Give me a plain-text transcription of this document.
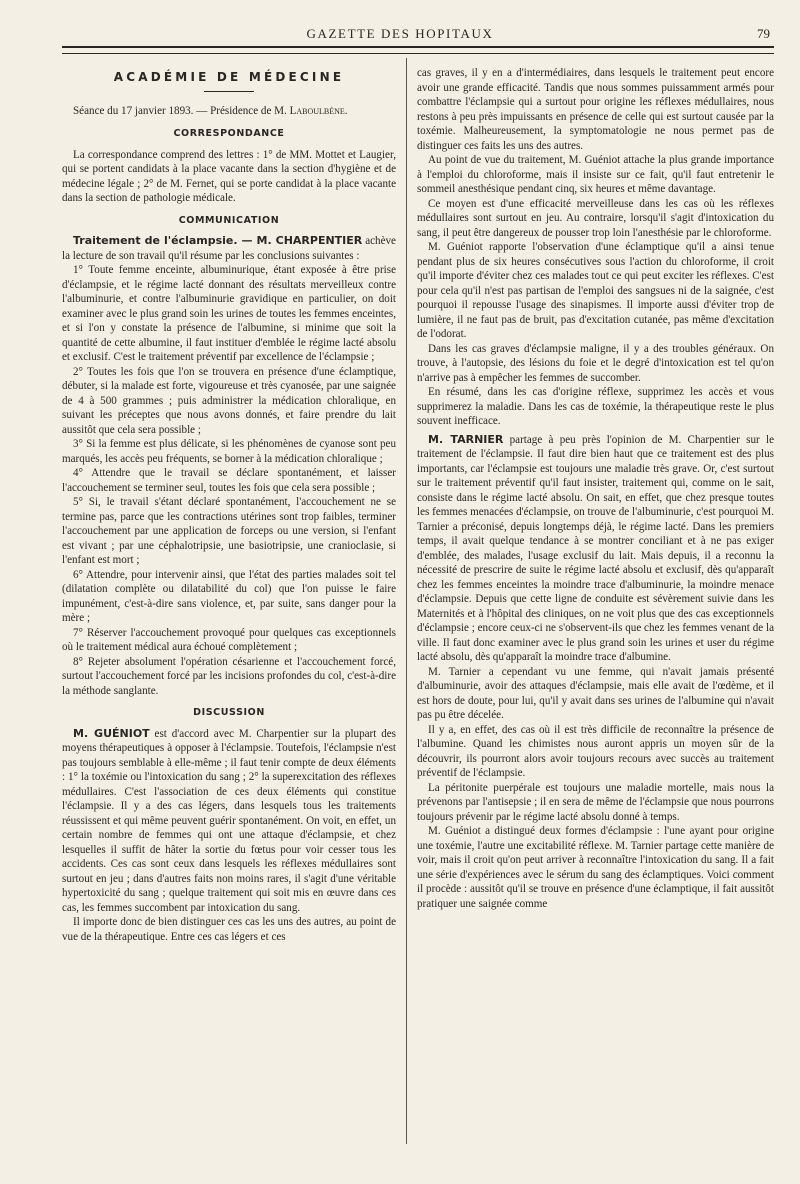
GAZETTE DES HOPITAUX	79
ACADÉMIE DE MÉDECINE

Séance du 17 janvier 1893. — Présidence de M. Laboulbène.

CORRESPONDANCE

La correspondance comprend des lettres : 1° de MM. Mottet et Laugier, qui se portent candidats à la place vacante dans la section d'hygiène et de médecine légale ; 2° de M. Fernet, qui se porte candidat à la place vacante dans la section de pathologie médicale.

COMMUNICATION

Traitement de l'éclampsie. — M. CHARPENTIER achève la lecture de son travail qu'il résume par les conclusions suivantes :

1° Toute femme enceinte, albuminurique, étant exposée à être prise d'éclampsie, et le régime lacté donnant des résultats merveilleux contre l'albuminurie, et contre l'albuminurie gravidique en particulier, on doit examiner avec le plus grand soin les urines de toutes les femmes enceintes, et si l'on y constate la présence de l'albumine, si minime que soit la quantité de cette albumine, il faut instituer d'emblée le régime lacté absolu et exclusif. C'est le traitement préventif par excellence de l'éclampsie ;

2° Toutes les fois que l'on se trouvera en présence d'une éclamptique, débuter, si la malade est forte, vigoureuse et très cyanosée, par une saignée de 4 à 500 grammes ; puis administrer la médication chloralique, en suivant les préceptes que nous avons donnés, et faire prendre du lait aussitôt que cela sera possible ;

3° Si la femme est plus délicate, si les phénomènes de cyanose sont peu marqués, les accès peu fréquents, se borner à la médication chloralique ;

4° Attendre que le travail se déclare spontanément, et laisser l'accouchement se terminer seul, toutes les fois que cela sera possible ;

5° Si, le travail s'étant déclaré spontanément, l'accouchement ne se termine pas, parce que les contractions utérines sont trop faibles, terminer l'accouchement par une application de forceps ou une version, si l'enfant est vivant ; par une céphalotripsie, une basiotripsie, une cranioclasie, si l'enfant est mort ;

6° Attendre, pour intervenir ainsi, que l'état des parties malades soit tel (dilatation complète ou dilatabilité du col) que l'on puisse le faire impunément, c'est-à-dire sans violence, et, par suite, sans danger pour la mère ;

7° Réserver l'accouchement provoqué pour quelques cas exceptionnels où le traitement médical aura échoué complètement ;

8° Rejeter absolument l'opération césarienne et l'accouchement forcé, surtout l'accouchement forcé par les incisions profondes du col, c'est-à-dire la méthode sanglante.

DISCUSSION

M. GUÉNIOT est d'accord avec M. Charpentier sur la plupart des moyens thérapeutiques à opposer à l'éclampsie. Toutefois, l'éclampsie n'est pas toujours semblable à elle-même ; il faut tenir compte de deux éléments : 1° la toxémie ou l'intoxication du sang ; 2° la superexcitation des réflexes médullaires. C'est l'association de ces deux éléments qui constitue l'éclampsie. Il y a des cas légers, dans lesquels tous les traitements réussissent et qui même peuvent guérir spontanément. On voit, en effet, un certain nombre de femmes qui ont une attaque d'éclampsie, et chez lesquelles il suffit de hâter la sortie du fœtus pour voir cesser tous les accidents. Ces cas sont ceux dans lesquels les réflexes médullaires sont surtout en jeu ; dans d'autres faits non moins rares, il s'agit d'une véritable hypertoxicité du sang ; quelque traitement qui soit mis en œuvre dans ces cas, les femmes succombent par intoxication du sang.

Il importe donc de bien distinguer ces cas les uns des autres, au point de vue de la thérapeutique. Entre ces cas légers et ces

cas graves, il y en a d'intermédiaires, dans lesquels le traitement peut encore avoir une grande efficacité. Tandis que nous sommes puissamment armés pour combattre l'éclampsie qui a surtout pour origine les réflexes médullaires, nous restons à peu près impuissants en présence de celle qui est surtout causée par la toxémie. Malheureusement, la symptomatologie ne nous permet pas de distinguer ces faits les uns des autres.

Au point de vue du traitement, M. Guéniot attache la plus grande importance à l'emploi du chloroforme, mais il insiste sur ce fait, qu'il faut entretenir le sommeil anesthésique pendant cinq, six heures et même davantage.

Ce moyen est d'une efficacité merveilleuse dans les cas où les réflexes médullaires sont surtout en jeu. Au contraire, lorsqu'il s'agit d'intoxication du sang, il peut être dangereux de pousser trop loin l'anesthésie par le chloroforme.

M. Guéniot rapporte l'observation d'une éclamptique qu'il a ainsi tenue pendant plus de six heures consécutives sous l'action du chloroforme, il croit qu'il importe d'éviter chez ces malades tout ce qui peut exciter les réflexes. C'est pour cela qu'il n'est pas partisan de l'emploi des sangsues ni de la saignée, c'est pourquoi il repousse l'usage des sinapismes. Il importe aussi d'éviter trop de lumière, il ne faut pas de bruit, pas d'excitation cutanée, pas même d'excitation de l'odorat.

Dans les cas graves d'éclampsie maligne, il y a des troubles généraux. On trouve, à l'autopsie, des lésions du foie et le degré d'intoxication est tel qu'on n'arrive pas à empêcher les femmes de succomber.

En résumé, dans les cas d'origine réflexe, supprimez les accès et vous supprimerez la maladie. Dans les cas de toxémie, la thérapeutique reste le plus souvent inefficace.

M. TARNIER partage à peu près l'opinion de M. Charpentier sur le traitement de l'éclampsie. Il faut dire bien haut que ce traitement est des plus importants, car l'éclampsie est toujours une maladie très grave. Or, c'est surtout sur le traitement préventif qu'il faut insister, traitement qui, comme on le sait, consiste dans le régime lacté absolu. On sait, en effet, que chez presque toutes les femmes menacées d'éclampsie, on trouve de l'albuminurie, c'est pourquoi M. Tarnier a préconisé, depuis longtemps déjà, le régime lacté. Dans les premiers temps, il avait quelque tendance à se montrer conciliant et à ne pas exiger d'emblée, des malades, l'usage exclusif du lait. Mais depuis, il a reconnu la nécessité de prescrire de suite le régime lacté absolu et exclusif, dès qu'apparaît chez les femmes enceintes la moindre trace d'albuminurie, la moindre menace d'éclampsie. Depuis que cette ligne de conduite est sévèrement suivie dans les Maternités et à l'hôpital des cliniques, on ne voit plus que des cas exceptionnels d'éclampsie ; encore ceux-ci ne s'observent-ils que chez les femmes venant de la ville. Il faut donc examiner avec le plus grand soin les urines et user du régime lacté absolu, dès qu'apparaît la moindre trace d'albumine.

M. Tarnier a cependant vu une femme, qui n'avait jamais présenté d'albuminurie, avoir des attaques d'éclampsie, mais elle avait de l'œdème, et il est hors de doute, pour lui, qu'il y avait dans ses urines de l'albumine qui n'avait pas pu être décelée.

Il y a, en effet, des cas où il est très difficile de reconnaître la présence de l'albumine. Quand les chimistes nous auront appris un moyen sûr de la découvrir, ils pourront alors avoir toujours recours avec succès au traitement préventif de l'éclampsie.

La péritonite puerpérale est toujours une maladie mortelle, mais nous la prévenons par l'antisepsie ; il en sera de même de l'éclampsie que nous pourrons toujours prévenir par le régime lacté absolu donné à temps.

M. Guéniot a distingué deux formes d'éclampsie : l'une ayant pour origine une toxémie, l'autre une excitabilité réflexe. M. Tarnier partage cette manière de voir, mais il croit qu'on peut arriver à reconnaître l'intoxication du sang. Il a fait une série d'expériences avec le sérum du sang des éclamptiques. Voici comment il procède : aussitôt qu'il se trouve en présence d'une éclamptique, il fait aussitôt pratiquer une saignée comme
